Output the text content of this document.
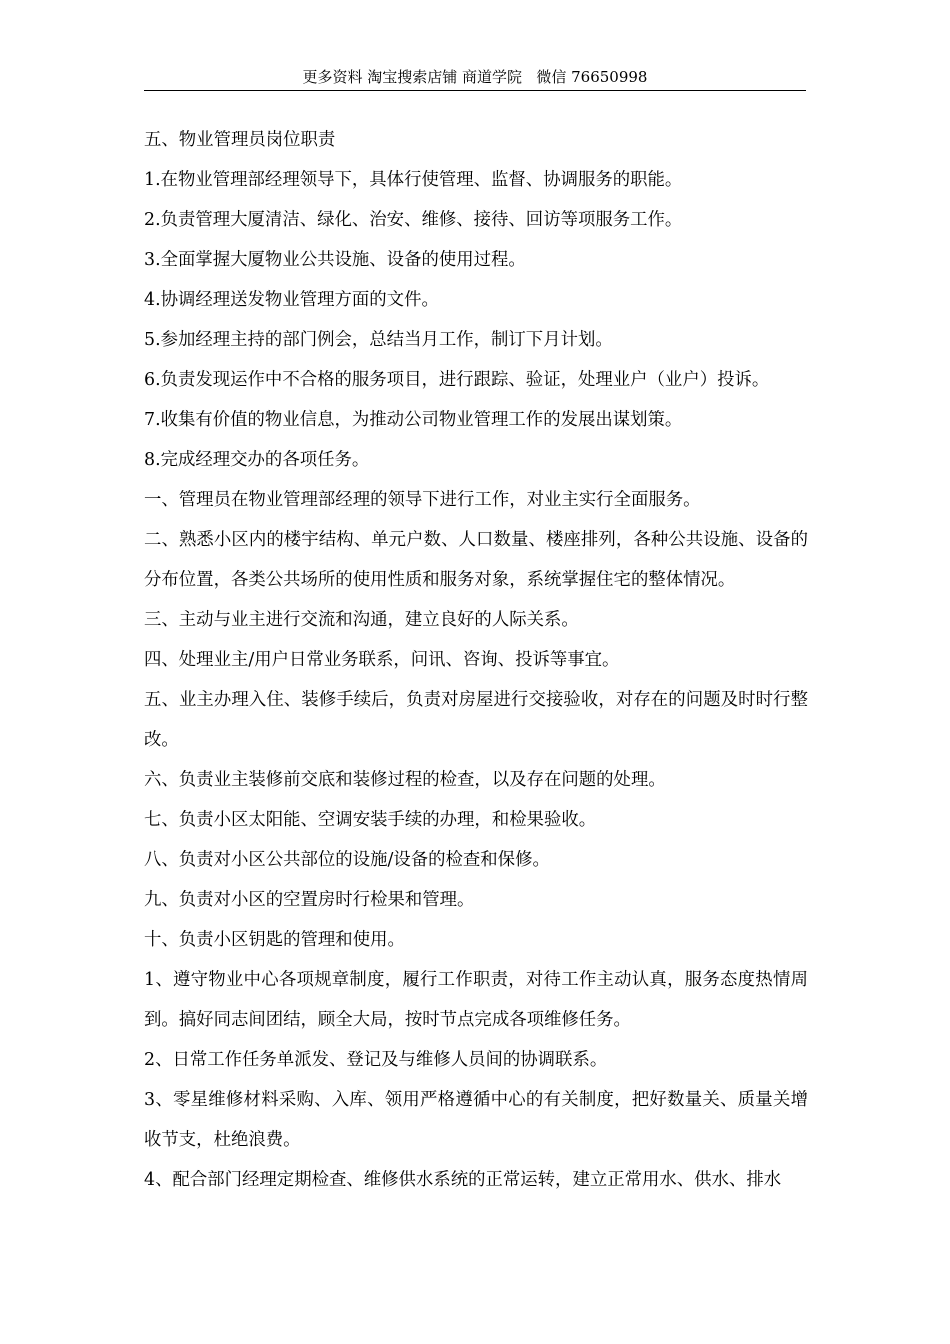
更多资料 淘宝搜索店铺 商道学院   微信 76650998

五、物业管理员岗位职责

1.在物业管理部经理领导下，具体行使管理、监督、协调服务的职能。

2.负责管理大厦清洁、绿化、治安、维修、接待、回访等项服务工作。

3.全面掌握大厦物业公共设施、设备的使用过程。

4.协调经理送发物业管理方面的文件。

5.参加经理主持的部门例会，总结当月工作，制订下月计划。

6.负责发现运作中不合格的服务项目，进行跟踪、验证，处理业户（业户）投诉。

7.收集有价值的物业信息，为推动公司物业管理工作的发展出谋划策。

8.完成经理交办的各项任务。

一、管理员在物业管理部经理的领导下进行工作，对业主实行全面服务。

二、熟悉小区内的楼宇结构、单元户数、人口数量、楼座排列，各种公共设施、设备的分布位置，各类公共场所的使用性质和服务对象，系统掌握住宅的整体情况。

三、主动与业主进行交流和沟通，建立良好的人际关系。

四、处理业主/用户日常业务联系，问讯、咨询、投诉等事宜。

五、业主办理入住、装修手续后，负责对房屋进行交接验收，对存在的问题及时时行整改。

六、负责业主装修前交底和装修过程的检查，以及存在问题的处理。

七、负责小区太阳能、空调安装手续的办理，和检果验收。

八、负责对小区公共部位的设施/设备的检查和保修。

九、负责对小区的空置房时行检果和管理。

十、负责小区钥匙的管理和使用。

1、遵守物业中心各项规章制度，履行工作职责，对待工作主动认真，服务态度热情周到。搞好同志间团结，顾全大局，按时节点完成各项维修任务。

2、日常工作任务单派发、登记及与维修人员间的协调联系。

3、零星维修材料采购、入库、领用严格遵循中心的有关制度，把好数量关、质量关增收节支，杜绝浪费。

4、配合部门经理定期检查、维修供水系统的正常运转，建立正常用水、供水、排水
